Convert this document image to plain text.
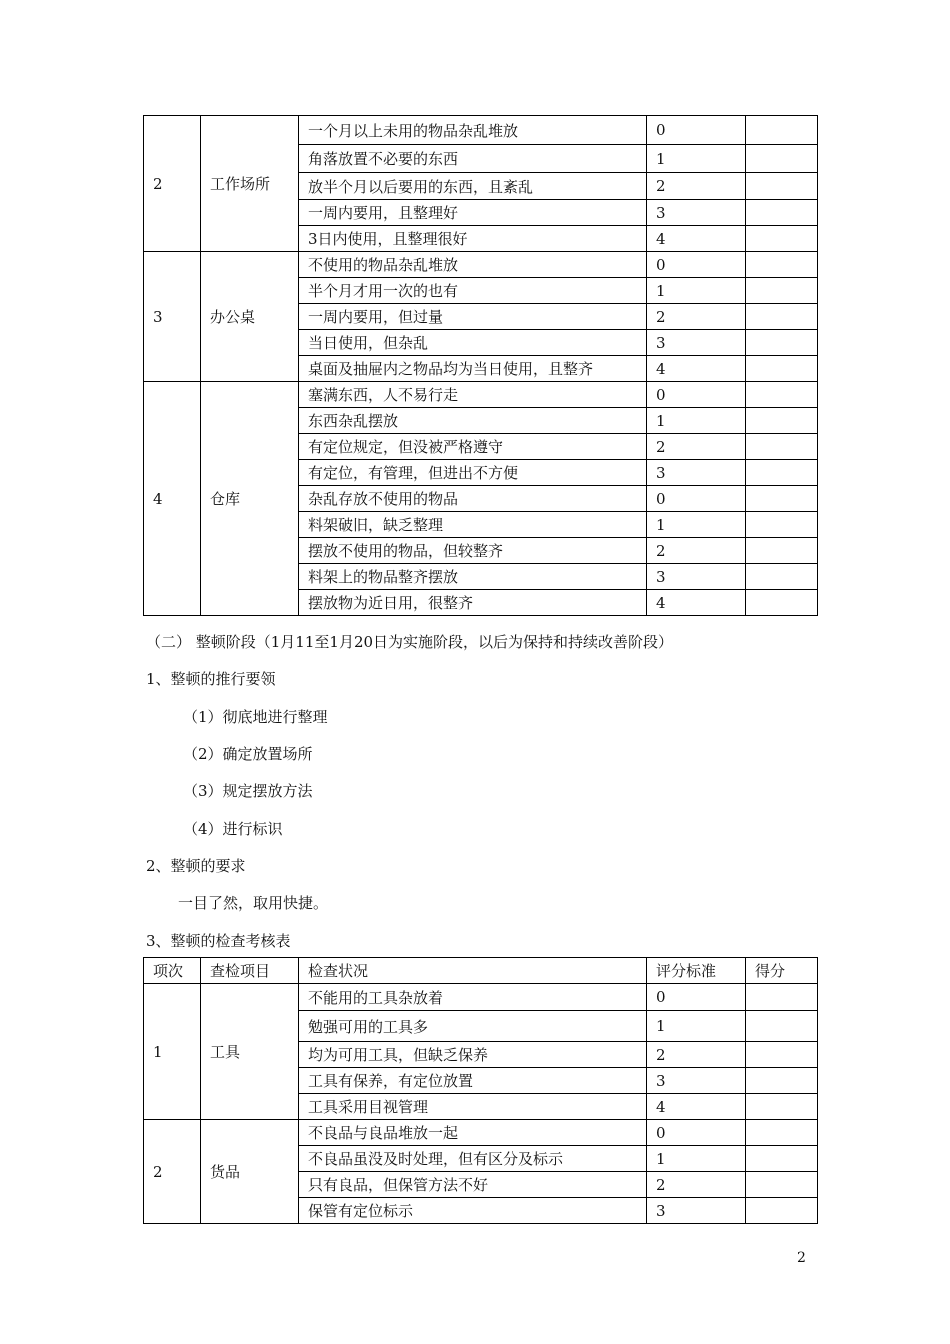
2	工作场所	一个月以上未用的物品杂乱堆放	0	
		角落放置不必要的东西	1	
		放半个月以后要用的东西，且紊乱	2	
		一周内要用，且整理好	3	
		3日内使用，且整理很好	4	
3	办公桌	不使用的物品杂乱堆放	0	
		半个月才用一次的也有	1	
		一周内要用，但过量	2	
		当日使用，但杂乱	3	
		桌面及抽屉内之物品均为当日使用，且整齐	4	
4	仓库	塞满东西，人不易行走	0	
		东西杂乱摆放	1	
		有定位规定，但没被严格遵守	2	
		有定位，有管理，但进出不方便	3	
		杂乱存放不使用的物品	0	
		料架破旧，缺乏整理	1	
		摆放不使用的物品，但较整齐	2	
		料架上的物品整齐摆放	3	
		摆放物为近日用，很整齐	4	
（二） 整顿阶段（1月11至1月20日为实施阶段，以后为保持和持续改善阶段）
1、整顿的推行要领
（1）彻底地进行整理
（2）确定放置场所
（3）规定摆放方法
（4）进行标识
2、整顿的要求
一目了然，取用快捷。
3、整顿的检查考核表
项次	查检项目	检查状况	评分标准	得分
1	工具	不能用的工具杂放着	0	
		勉强可用的工具多	1	
		均为可用工具，但缺乏保养	2	
		工具有保养，有定位放置	3	
		工具采用目视管理	4	
2	货品	不良品与良品堆放一起	0	
		不良品虽没及时处理，但有区分及标示	1	
		只有良品，但保管方法不好	2	
		保管有定位标示	3	
2
